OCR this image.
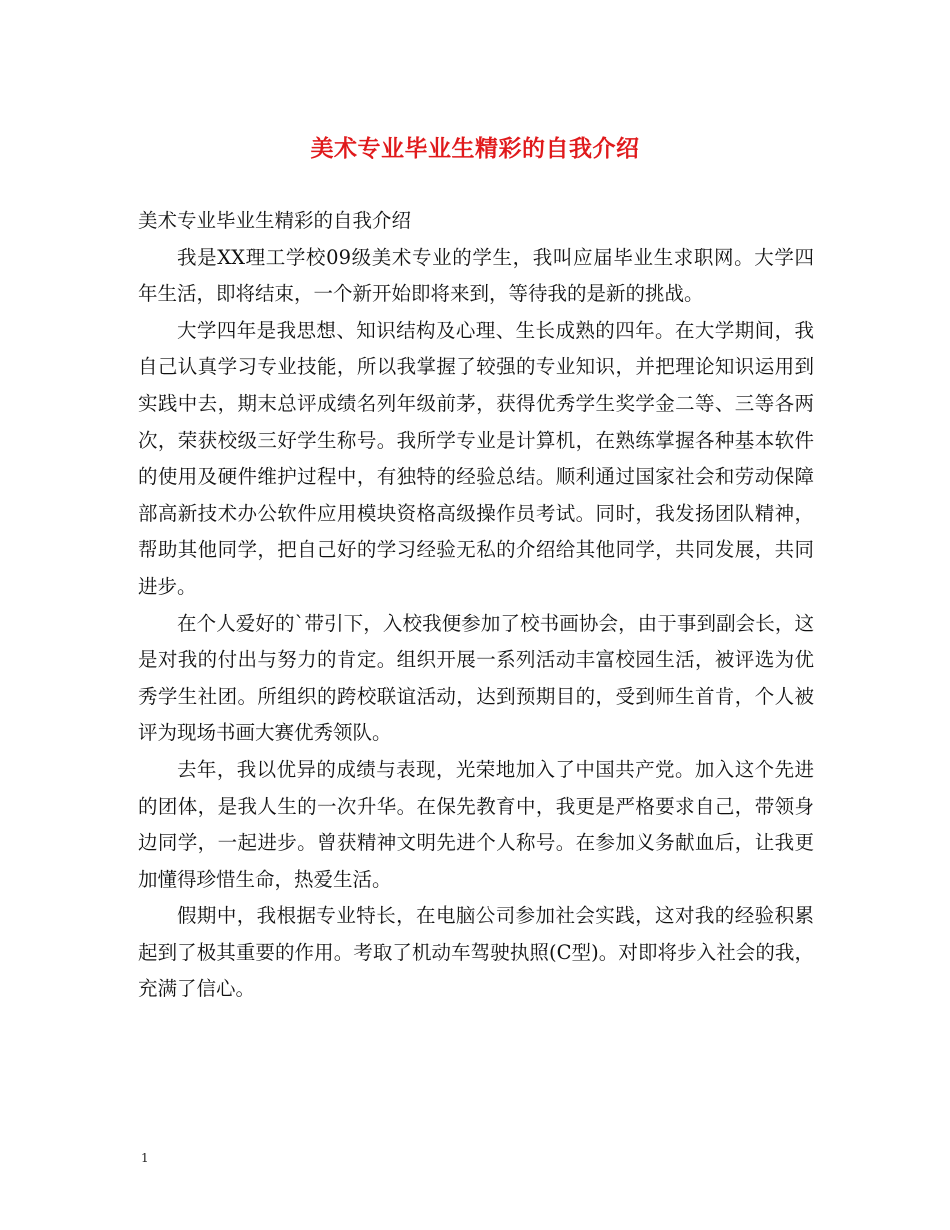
美术专业毕业生精彩的自我介绍

美术专业毕业生精彩的自我介绍

我是XX理工学校09级美术专业的学生，我叫应届毕业生求职网。大学四年生活，即将结束，一个新开始即将来到，等待我的是新的挑战。

大学四年是我思想、知识结构及心理、生长成熟的四年。在大学期间，我自己认真学习专业技能，所以我掌握了较强的专业知识，并把理论知识运用到实践中去，期末总评成绩名列年级前茅，获得优秀学生奖学金二等、三等各两次，荣获校级三好学生称号。我所学专业是计算机，在熟练掌握各种基本软件的使用及硬件维护过程中，有独特的经验总结。顺利通过国家社会和劳动保障部高新技术办公软件应用模块资格高级操作员考试。同时，我发扬团队精神，帮助其他同学，把自己好的学习经验无私的介绍给其他同学，共同发展，共同进步。

在个人爱好的`带引下，入校我便参加了校书画协会，由于事到副会长，这是对我的付出与努力的肯定。组织开展一系列活动丰富校园生活，被评选为优秀学生社团。所组织的跨校联谊活动，达到预期目的，受到师生首肯，个人被评为现场书画大赛优秀领队。

去年，我以优异的成绩与表现，光荣地加入了中国共产党。加入这个先进的团体，是我人生的一次升华。在保先教育中，我更是严格要求自己，带领身边同学，一起进步。曾获精神文明先进个人称号。在参加义务献血后，让我更加懂得珍惜生命，热爱生活。

假期中，我根据专业特长，在电脑公司参加社会实践，这对我的经验积累起到了极其重要的作用。考取了机动车驾驶执照(C型)。对即将步入社会的我，充满了信心。

1
